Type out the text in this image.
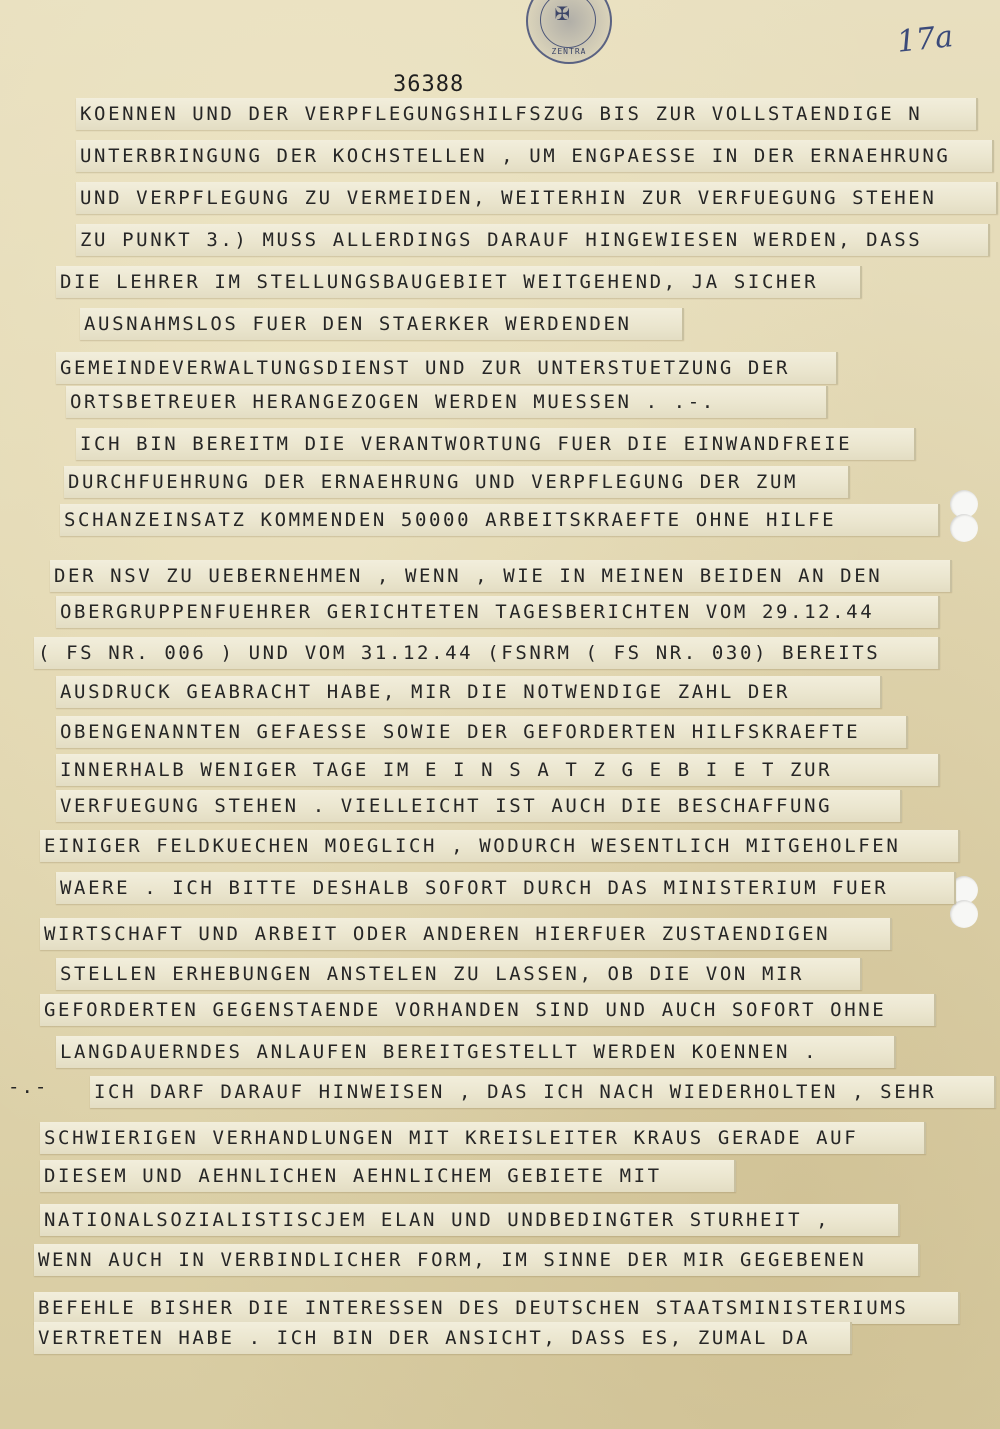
✠
ZENTRA	17a
36388
KOENNEN UND DER VERPFLEGUNGSHILFSZUG BIS ZUR VOLLSTAENDIGE N
UNTERBRINGUNG DER KOCHSTELLEN , UM ENGPAESSE IN DER ERNAEHRUNG
UND VERPFLEGUNG ZU VERMEIDEN, WEITERHIN ZUR VERFUEGUNG STEHEN
ZU PUNKT 3.) MUSS ALLERDINGS DARAUF HINGEWIESEN WERDEN, DASS
DIE LEHRER IM STELLUNGSBAUGEBIET WEITGEHEND, JA SICHER
AUSNAHMSLOS FUER DEN STAERKER WERDENDEN
GEMEINDEVERWALTUNGSDIENST UND ZUR UNTERSTUETZUNG DER
ORTSBETREUER HERANGEZOGEN WERDEN MUESSEN . .-.
ICH BIN BEREITM DIE VERANTWORTUNG FUER DIE EINWANDFREIE
DURCHFUEHRUNG DER ERNAEHRUNG UND VERPFLEGUNG DER ZUM
SCHANZEINSATZ KOMMENDEN 50000 ARBEITSKRAEFTE OHNE HILFE
DER NSV ZU UEBERNEHMEN , WENN , WIE IN MEINEN BEIDEN AN DEN
OBERGRUPPENFUEHRER GERICHTETEN TAGESBERICHTEN VOM 29.12.44
( FS NR. 006 ) UND VOM 31.12.44 (FSNRM ( FS NR. 030) BEREITS
AUSDRUCK GEABRACHT HABE, MIR DIE NOTWENDIGE ZAHL DER
OBENGENANNTEN GEFAESSE SOWIE DER GEFORDERTEN HILFSKRAEFTE
INNERHALB WENIGER TAGE IM E I N S A T Z G E B I E T ZUR
VERFUEGUNG STEHEN . VIELLEICHT IST AUCH DIE BESCHAFFUNG
EINIGER FELDKUECHEN MOEGLICH , WODURCH WESENTLICH MITGEHOLFEN
WAERE . ICH BITTE DESHALB SOFORT DURCH DAS MINISTERIUM FUER
WIRTSCHAFT UND ARBEIT ODER ANDEREN HIERFUER ZUSTAENDIGEN
STELLEN ERHEBUNGEN ANSTELEN ZU LASSEN, OB DIE VON MIR
GEFORDERTEN GEGENSTAENDE VORHANDEN SIND UND AUCH SOFORT OHNE
LANGDAUERNDES ANLAUFEN BEREITGESTELLT WERDEN KOENNEN .
ICH DARF DARAUF HINWEISEN , DAS ICH NACH WIEDERHOLTEN , SEHR
SCHWIERIGEN VERHANDLUNGEN MIT KREISLEITER KRAUS GERADE AUF
DIESEM UND AEHNLICHEN AEHNLICHEM GEBIETE MIT
NATIONALSOZIALISTISCJEM ELAN UND UNDBEDINGTER STURHEIT ,
WENN AUCH IN VERBINDLICHER FORM, IM SINNE DER MIR GEGEBENEN
BEFEHLE BISHER DIE INTERESSEN DES DEUTSCHEN STAATSMINISTERIUMS
VERTRETEN HABE . ICH BIN DER ANSICHT, DASS ES, ZUMAL DA
-.-
